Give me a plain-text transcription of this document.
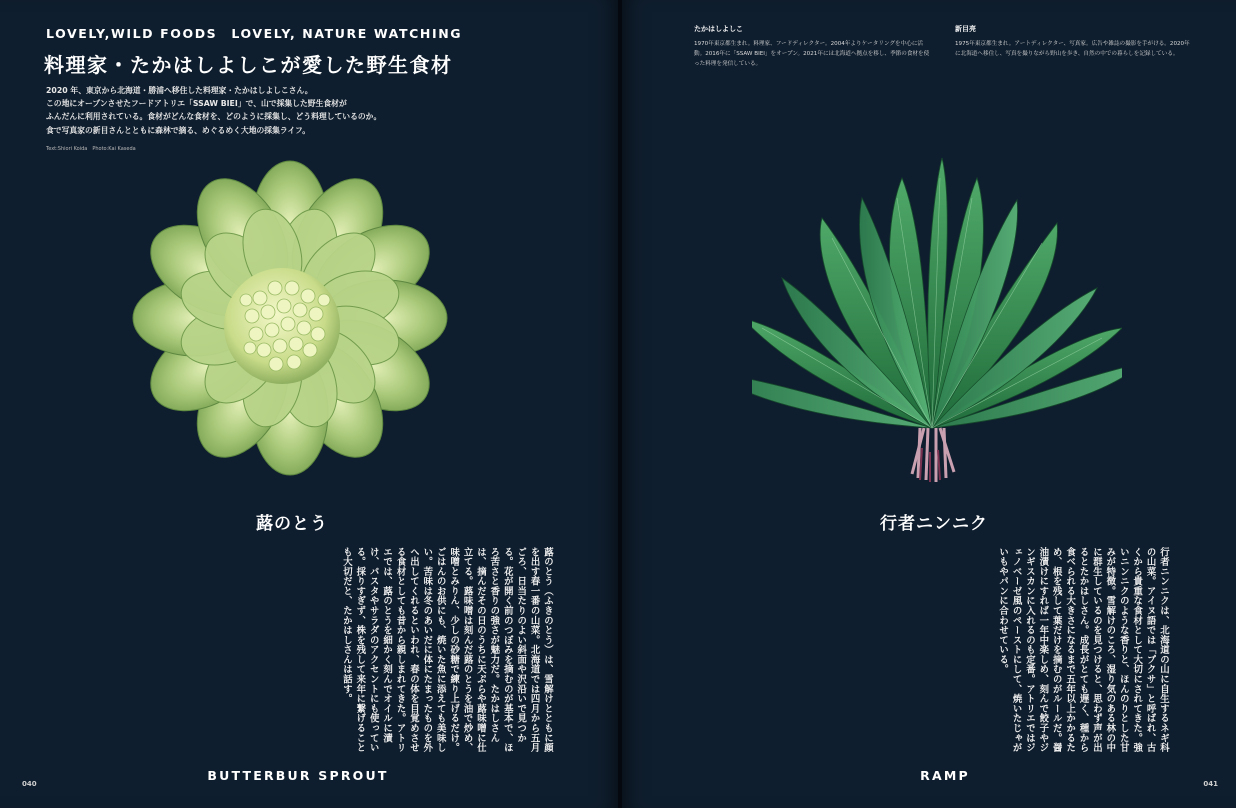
LOVELY,WILD FOODS　LOVELY, NATURE WATCHING
料理家・たかはしよしこが愛した野生食材

2020 年、東京から北海道・勝浦へ移住した料理家・たかはしよしこさん。

この地にオープンさせたフードアトリエ「SSAW BIEI」で、山で採集した野生食材が

ふんだんに利用されている。食材がどんな食材を、どのように採集し、どう料理しているのか。

食で写真家の新目さんとともに森林で摘る、めぐるめく大地の採集ライフ。

Text:Shiori Koida　Photo:Kai Kaseda
蕗のとう
蕗のとう（ふきのとう）は、雪解けとともに顔を出す春一番の山菜。北海道では四月から五月ごろ、日当たりのよい斜面や沢沿いで見つかる。花が開く前のつぼみを摘むのが基本で、ほろ苦さと香りの強さが魅力だ。たかはしさんは、摘んだその日のうちに天ぷらや蕗味噌に仕立てる。蕗味噌は刻んだ蕗のとうを油で炒め、味噌とみりん、少しの砂糖で練り上げるだけ。ごはんのお供にも、焼いた魚に添えても美味しい。苦味は冬のあいだに体にたまったものを外へ出してくれるといわれ、春の体を目覚めさせる食材としても昔から親しまれてきた。アトリエでは、蕗のとうを細かく刻んでオイルに漬け、パスタやサラダのアクセントにも使っている。採りすぎず、株を残して来年に繋げることも大切だと、たかはしさんは話す。
BUTTERBUR SPROUT
040
たかはしよしこ
1970年東京都生まれ。料理家、フードディレクター。2004年よりケータリングを中心に活動。2016年に「SSAW BIEI」をオープン。2021年には北海道へ拠点を移し、季節の食材を使った料理を発信している。
新目亮
1975年東京都生まれ。アートディレクター、写真家。広告や雑誌の撮影を手がける。2020年に北海道へ移住し、写真を撮りながら野山を歩き、自然の中での暮らしを記録している。
行者ニンニク
行者ニンニクは、北海道の山に自生するネギ科の山菜。アイヌ語では「プクサ」と呼ばれ、古くから貴重な食材として大切にされてきた。強いニンニクのような香りと、ほんのりとした甘みが特徴。雪解けのころ、湿り気のある林の中に群生しているのを見つけると、思わず声が出るとたかはしさん。成長がとても遅く、種から食べられる大きさになるまで五年以上かかるため、根を残して葉だけを摘むのがルールだ。醤油漬けにすれば一年中楽しめ、刻んで餃子やジンギスカンに入れるのも定番。アトリエではジェノベーゼ風のペーストにして、焼いたじゃがいもやパンに合わせている。
RAMP
041
